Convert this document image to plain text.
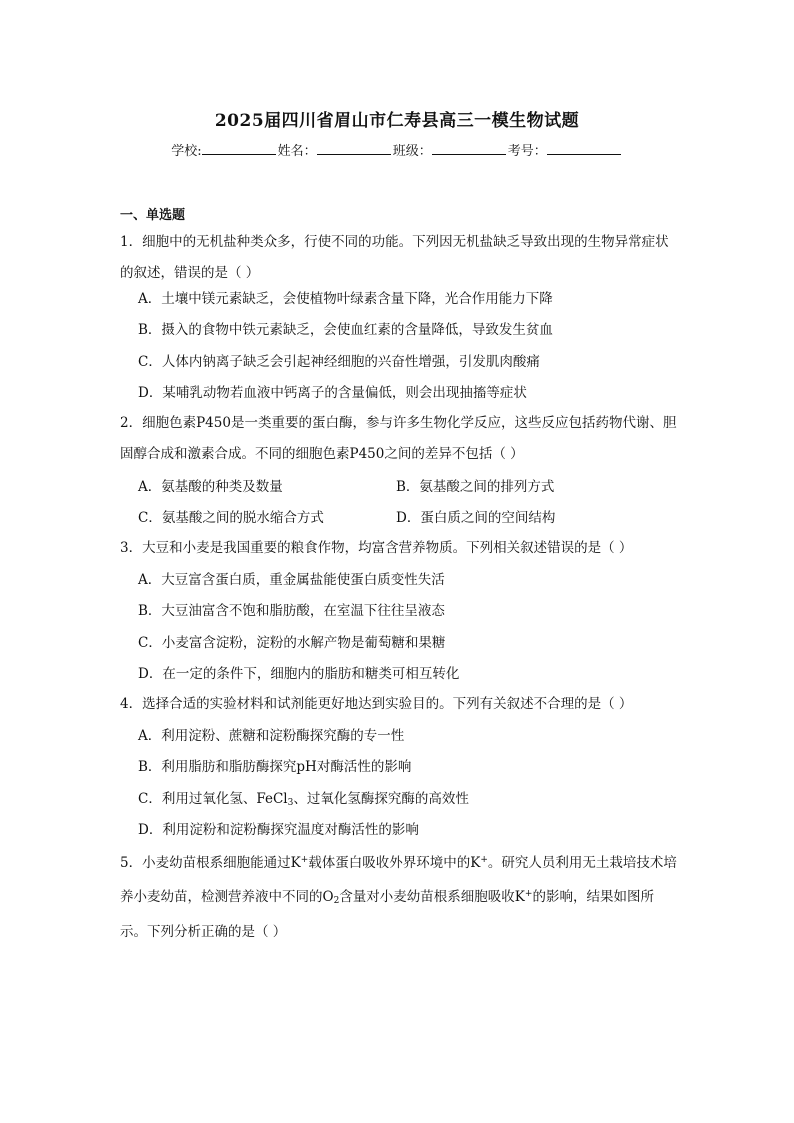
2025届四川省眉山市仁寿县高三一模生物试题
学校:	姓名：	班级：	考号：
一、单选题
1．细胞中的无机盐种类众多，行使不同的功能。下列因无机盐缺乏导致出现的生物异常症状的叙述，错误的是（ ）
A．土壤中镁元素缺乏，会使植物叶绿素含量下降，光合作用能力下降
B．摄入的食物中铁元素缺乏，会使血红素的含量降低，导致发生贫血
C．人体内钠离子缺乏会引起神经细胞的兴奋性增强，引发肌肉酸痛
D．某哺乳动物若血液中钙离子的含量偏低，则会出现抽搐等症状
2．细胞色素P450是一类重要的蛋白酶，参与许多生物化学反应，这些反应包括药物代谢、胆固醇合成和激素合成。不同的细胞色素P450之间的差异不包括（ ）
A．氨基酸的种类及数量	B．氨基酸之间的排列方式
C．氨基酸之间的脱水缩合方式	D．蛋白质之间的空间结构
3．大豆和小麦是我国重要的粮食作物，均富含营养物质。下列相关叙述错误的是（ ）
A．大豆富含蛋白质，重金属盐能使蛋白质变性失活
B．大豆油富含不饱和脂肪酸，在室温下往往呈液态
C．小麦富含淀粉，淀粉的水解产物是葡萄糖和果糖
D．在一定的条件下，细胞内的脂肪和糖类可相互转化
4．选择合适的实验材料和试剂能更好地达到实验目的。下列有关叙述不合理的是（ ）
A．利用淀粉、蔗糖和淀粉酶探究酶的专一性
B．利用脂肪和脂肪酶探究pH对酶活性的影响
C．利用过氧化氢、FeCl$_3$、过氧化氢酶探究酶的高效性
D．利用淀粉和淀粉酶探究温度对酶活性的影响
5．小麦幼苗根系细胞能通过K+载体蛋白吸收外界环境中的K+。研究人员利用无土栽培技术培养小麦幼苗，检测营养液中不同的$O_2$含量对小麦幼苗根系细胞吸收K+的影响，结果如图所示。下列分析正确的是（ ）
